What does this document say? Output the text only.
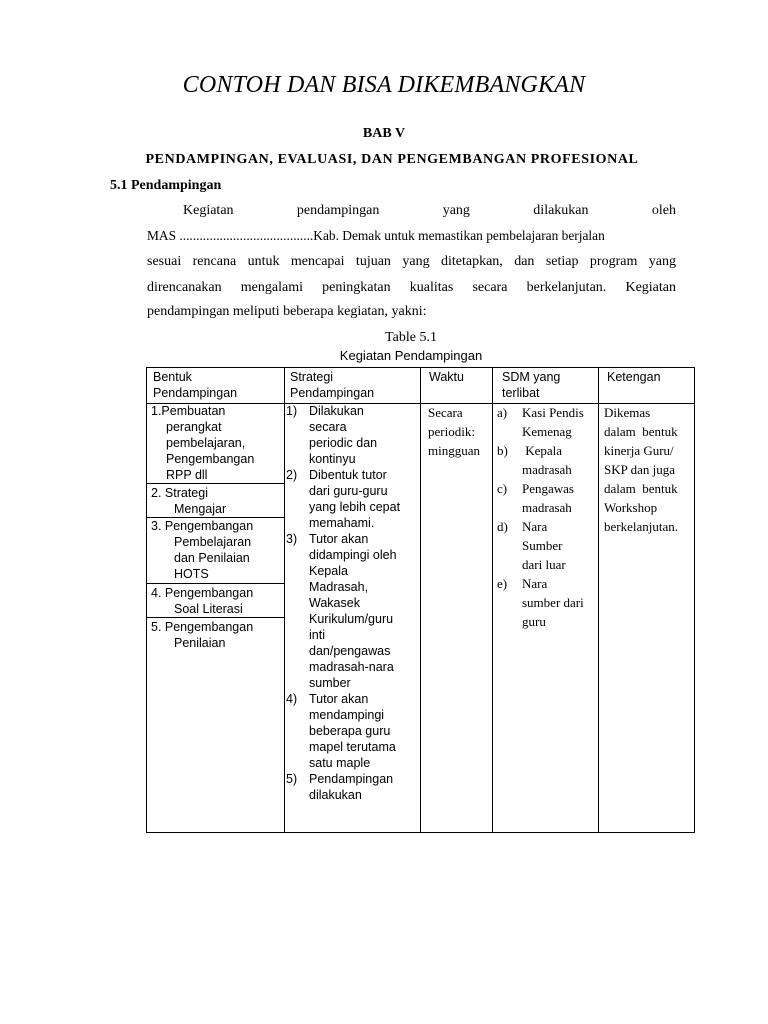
CONTOH DAN BISA DIKEMBANGKAN
BAB V
PENDAMPINGAN, EVALUASI, DAN PENGEMBANGAN PROFESIONAL
5.1 Pendampingan
Kegiatan pendampingan yang dilakukan oleh
MAS ........................................Kab. Demak untuk memastikan pembelajaran berjalan
sesuai rencana untuk mencapai tujuan yang ditetapkan, dan setiap program yang
direncanakan mengalami peningkatan kualitas secara berkelanjutan. Kegiatan
pendampingan meliputi beberapa kegiatan, yakni:
Table 5.1
Kegiatan Pendampingan
Bentuk
Pendampingan
Strategi
Pendampingan
Waktu	SDM yang
terlibat
Ketengan
1.Pembuatan
perangkat
pembelajaran,
Pengembangan
RPP dll
2. Strategi
Mengajar
3. Pengembangan
Pembelajaran
dan Penilaian
HOTS
4. Pengembangan
Soal Literasi
5. Pengembangan
Penilaian
1) Dilakukan
secara
periodic dan
kontinyu
2) Dibentuk tutor
dari guru-guru
yang lebih cepat
memahami.
3) Tutor akan
didampingi oleh
Kepala
Madrasah,
Wakasek
Kurikulum/guru
inti
dan/pengawas
madrasah-nara
sumber
4) Tutor akan
mendampingi
beberapa guru
mapel terutama
satu maple
5) Pendampingan
dilakukan
Secara
periodik:
mingguan
a) Kasi Pendis
Kemenag
b) Kepala
madrasah
c) Pengawas
madrasah
d) Nara
Sumber
dari luar
e) Nara
sumber dari
guru
Dikemas
dalam  bentuk
kinerja Guru/
SKP dan juga
dalam  bentuk
Workshop
berkelanjutan.
